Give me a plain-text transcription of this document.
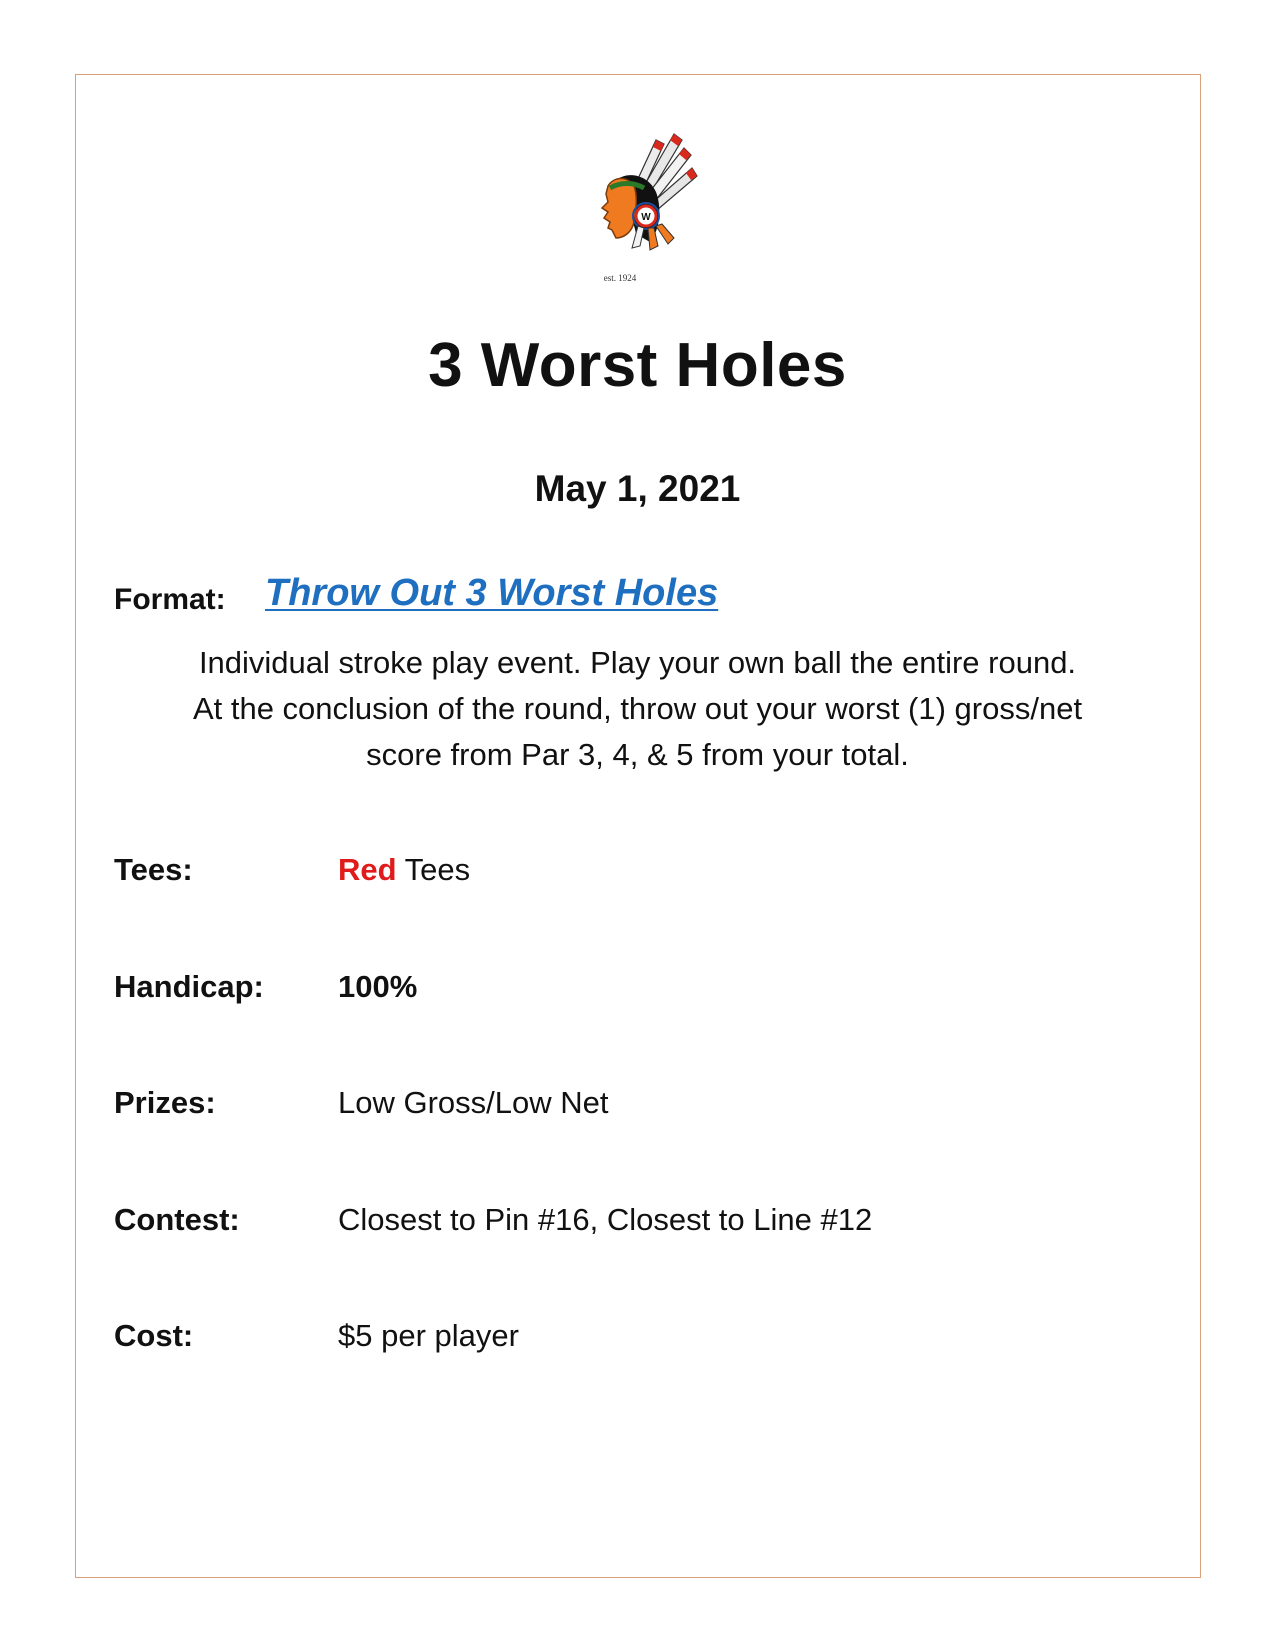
W
est. 1924
3 Worst Holes
May 1, 2021
Format: Throw Out 3 Worst Holes
Individual stroke play event. Play your own ball the entire round.
At the conclusion of the round, throw out your worst (1) gross/net
score from Par 3, 4, & 5 from your total.
Tees:	Red Tees
Handicap: 100%
Prizes:	Low Gross/Low Net
Contest:	Closest to Pin #16, Closest to Line #12
Cost:	$5 per player
